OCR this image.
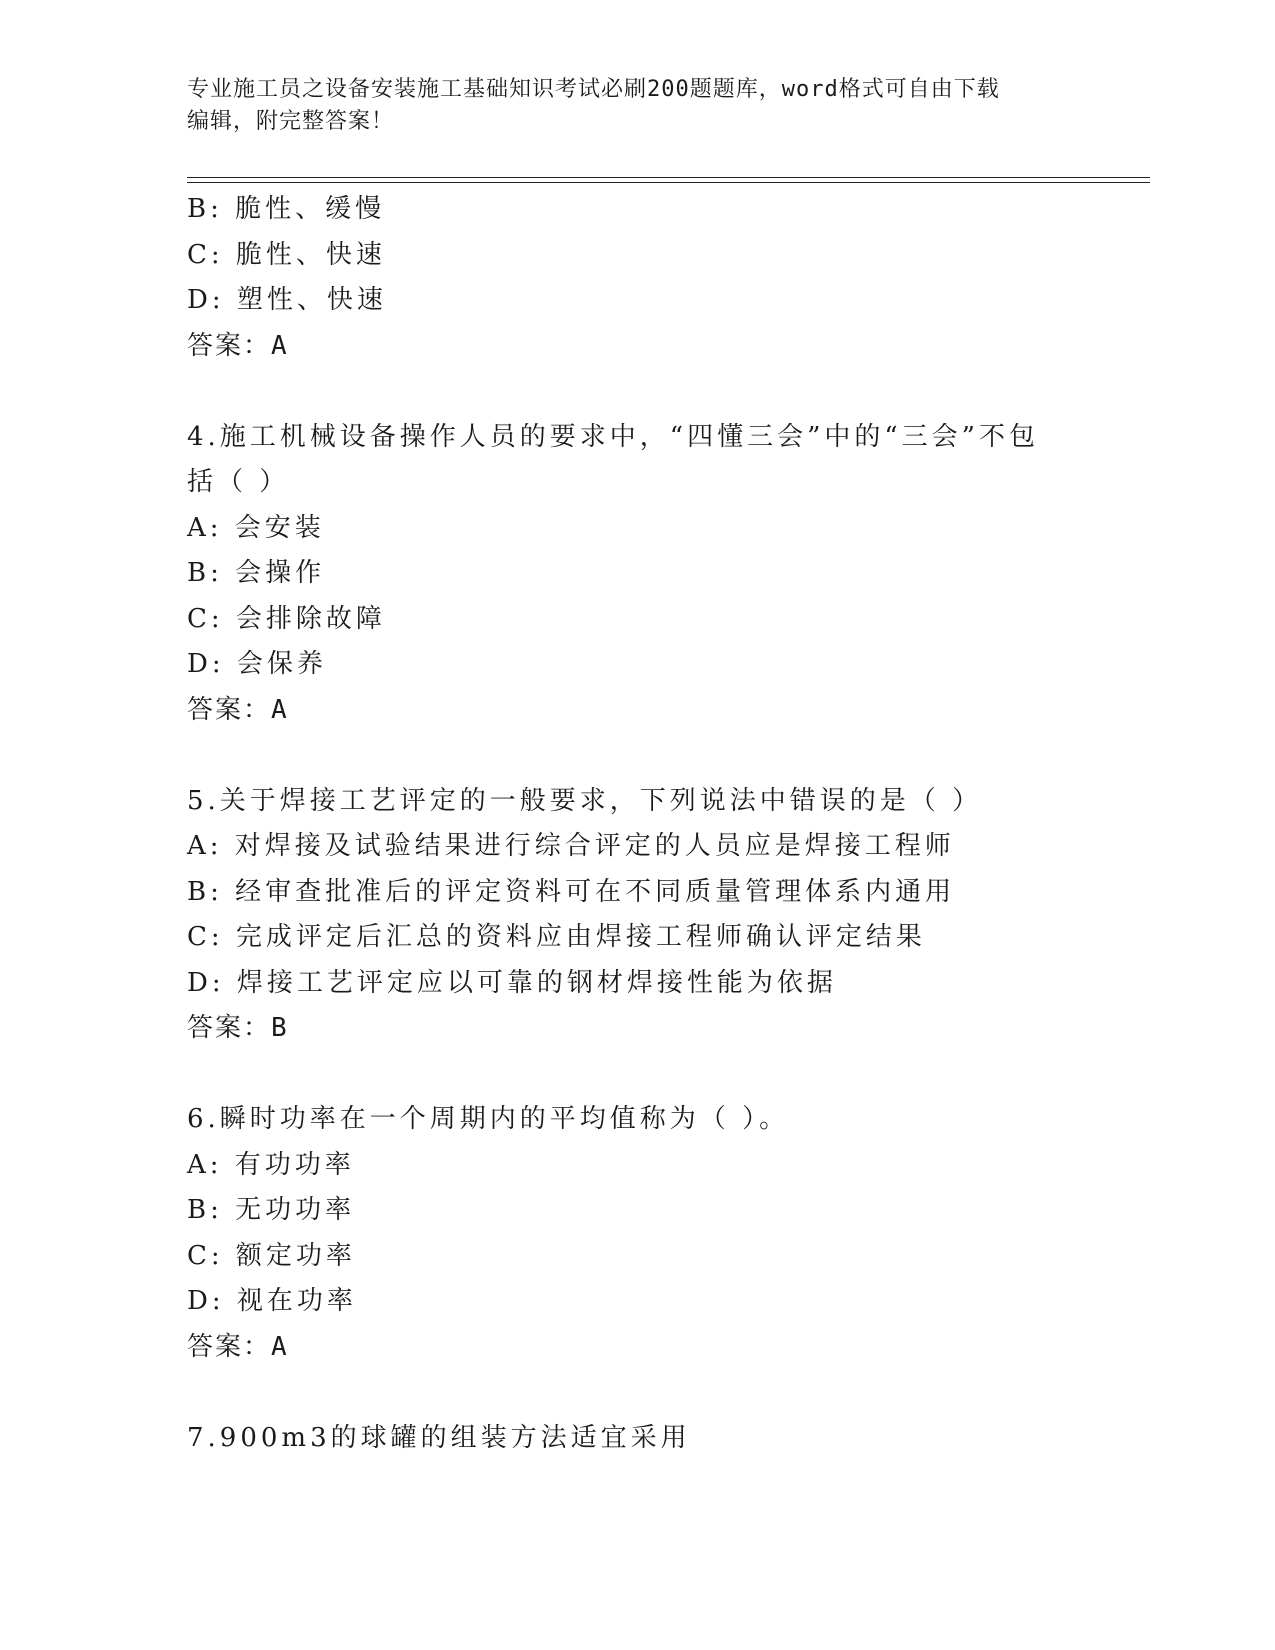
专业施工员之设备安装施工基础知识考试必刷200题题库，word格式可自由下载
编辑，附完整答案！
B: 脆性、缓慢
C: 脆性、快速
D: 塑性、快速
答案：A
4.施工机械设备操作人员的要求中，“四懂三会”中的“三会”不包
括（ ）
A: 会安装
B: 会操作
C: 会排除故障
D: 会保养
答案：A
5.关于焊接工艺评定的一般要求，下列说法中错误的是（ ）
A: 对焊接及试验结果进行综合评定的人员应是焊接工程师
B: 经审查批准后的评定资料可在不同质量管理体系内通用
C: 完成评定后汇总的资料应由焊接工程师确认评定结果
D: 焊接工艺评定应以可靠的钢材焊接性能为依据
答案：B
6.瞬时功率在一个周期内的平均值称为（ ）。
A: 有功功率
B: 无功功率
C: 额定功率
D: 视在功率
答案：A
7.900m3的球罐的组装方法适宜采用
